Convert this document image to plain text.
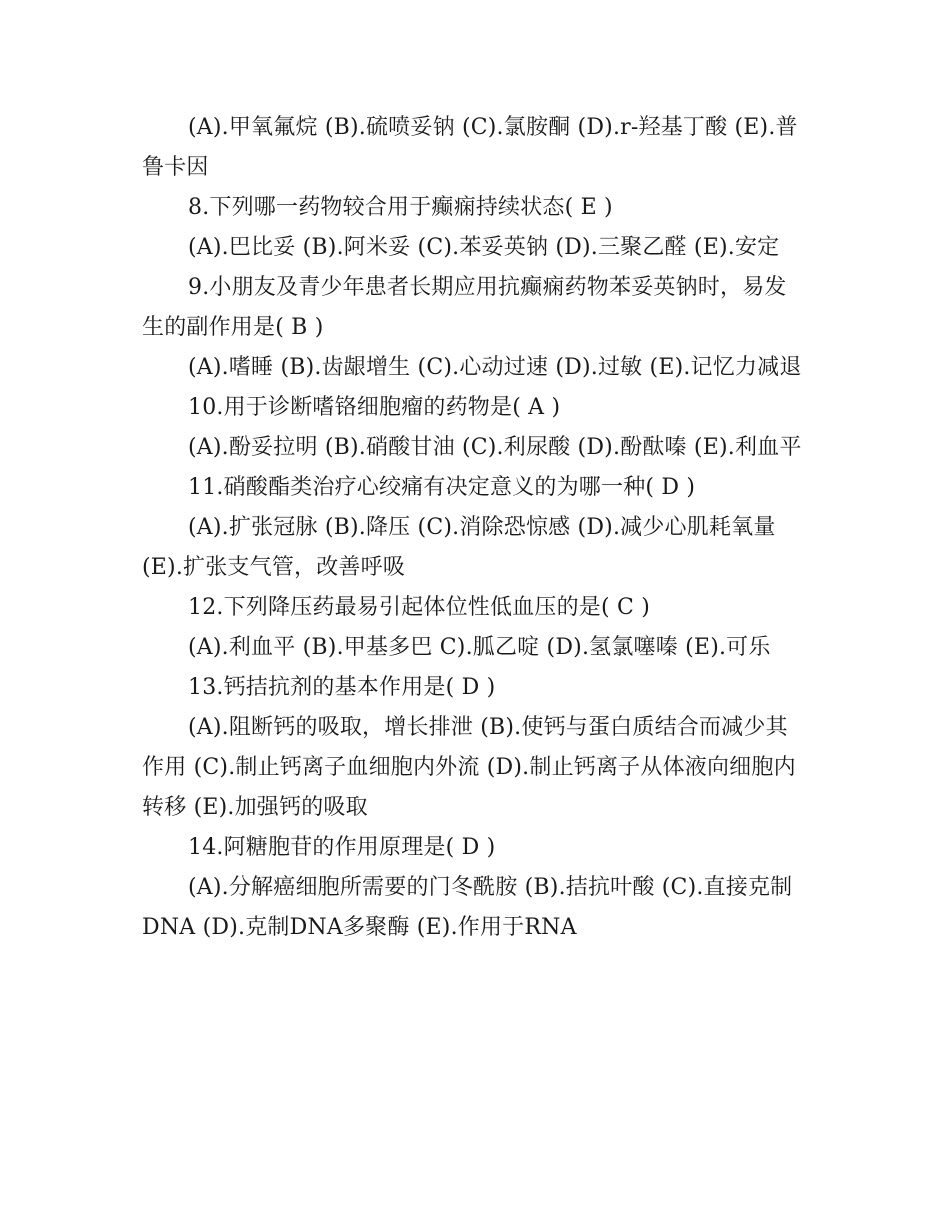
(A).甲氧氟烷 (B).硫喷妥钠 (C).氯胺酮 (D).r-羟基丁酸 (E).普鲁卡因

8.下列哪一药物较合用于癫痫持续状态( E )

(A).巴比妥 (B).阿米妥 (C).苯妥英钠 (D).三聚乙醛 (E).安定

9.小朋友及青少年患者长期应用抗癫痫药物苯妥英钠时，易发生的副作用是( B )

(A).嗜睡 (B).齿龈增生 (C).心动过速 (D).过敏 (E).记忆力减退

10.用于诊断嗜铬细胞瘤的药物是( A )

(A).酚妥拉明 (B).硝酸甘油 (C).利尿酸 (D).酚酞嗪 (E).利血平

11.硝酸酯类治疗心绞痛有决定意义的为哪一种( D )

(A).扩张冠脉 (B).降压 (C).消除恐惊感 (D).减少心肌耗氧量 (E).扩张支气管，改善呼吸

12.下列降压药最易引起体位性低血压的是( C )

(A).利血平 (B).甲基多巴 C).胍乙啶 (D).氢氯噻嗪 (E).可乐

13.钙拮抗剂的基本作用是( D )

(A).阻断钙的吸取，增长排泄 (B).使钙与蛋白质结合而减少其作用 (C).制止钙离子血细胞内外流 (D).制止钙离子从体液向细胞内转移 (E).加强钙的吸取

14.阿糖胞苷的作用原理是( D )

(A).分解癌细胞所需要的门冬酰胺 (B).拮抗叶酸 (C).直接克制DNA (D).克制DNA多聚酶 (E).作用于RNA
